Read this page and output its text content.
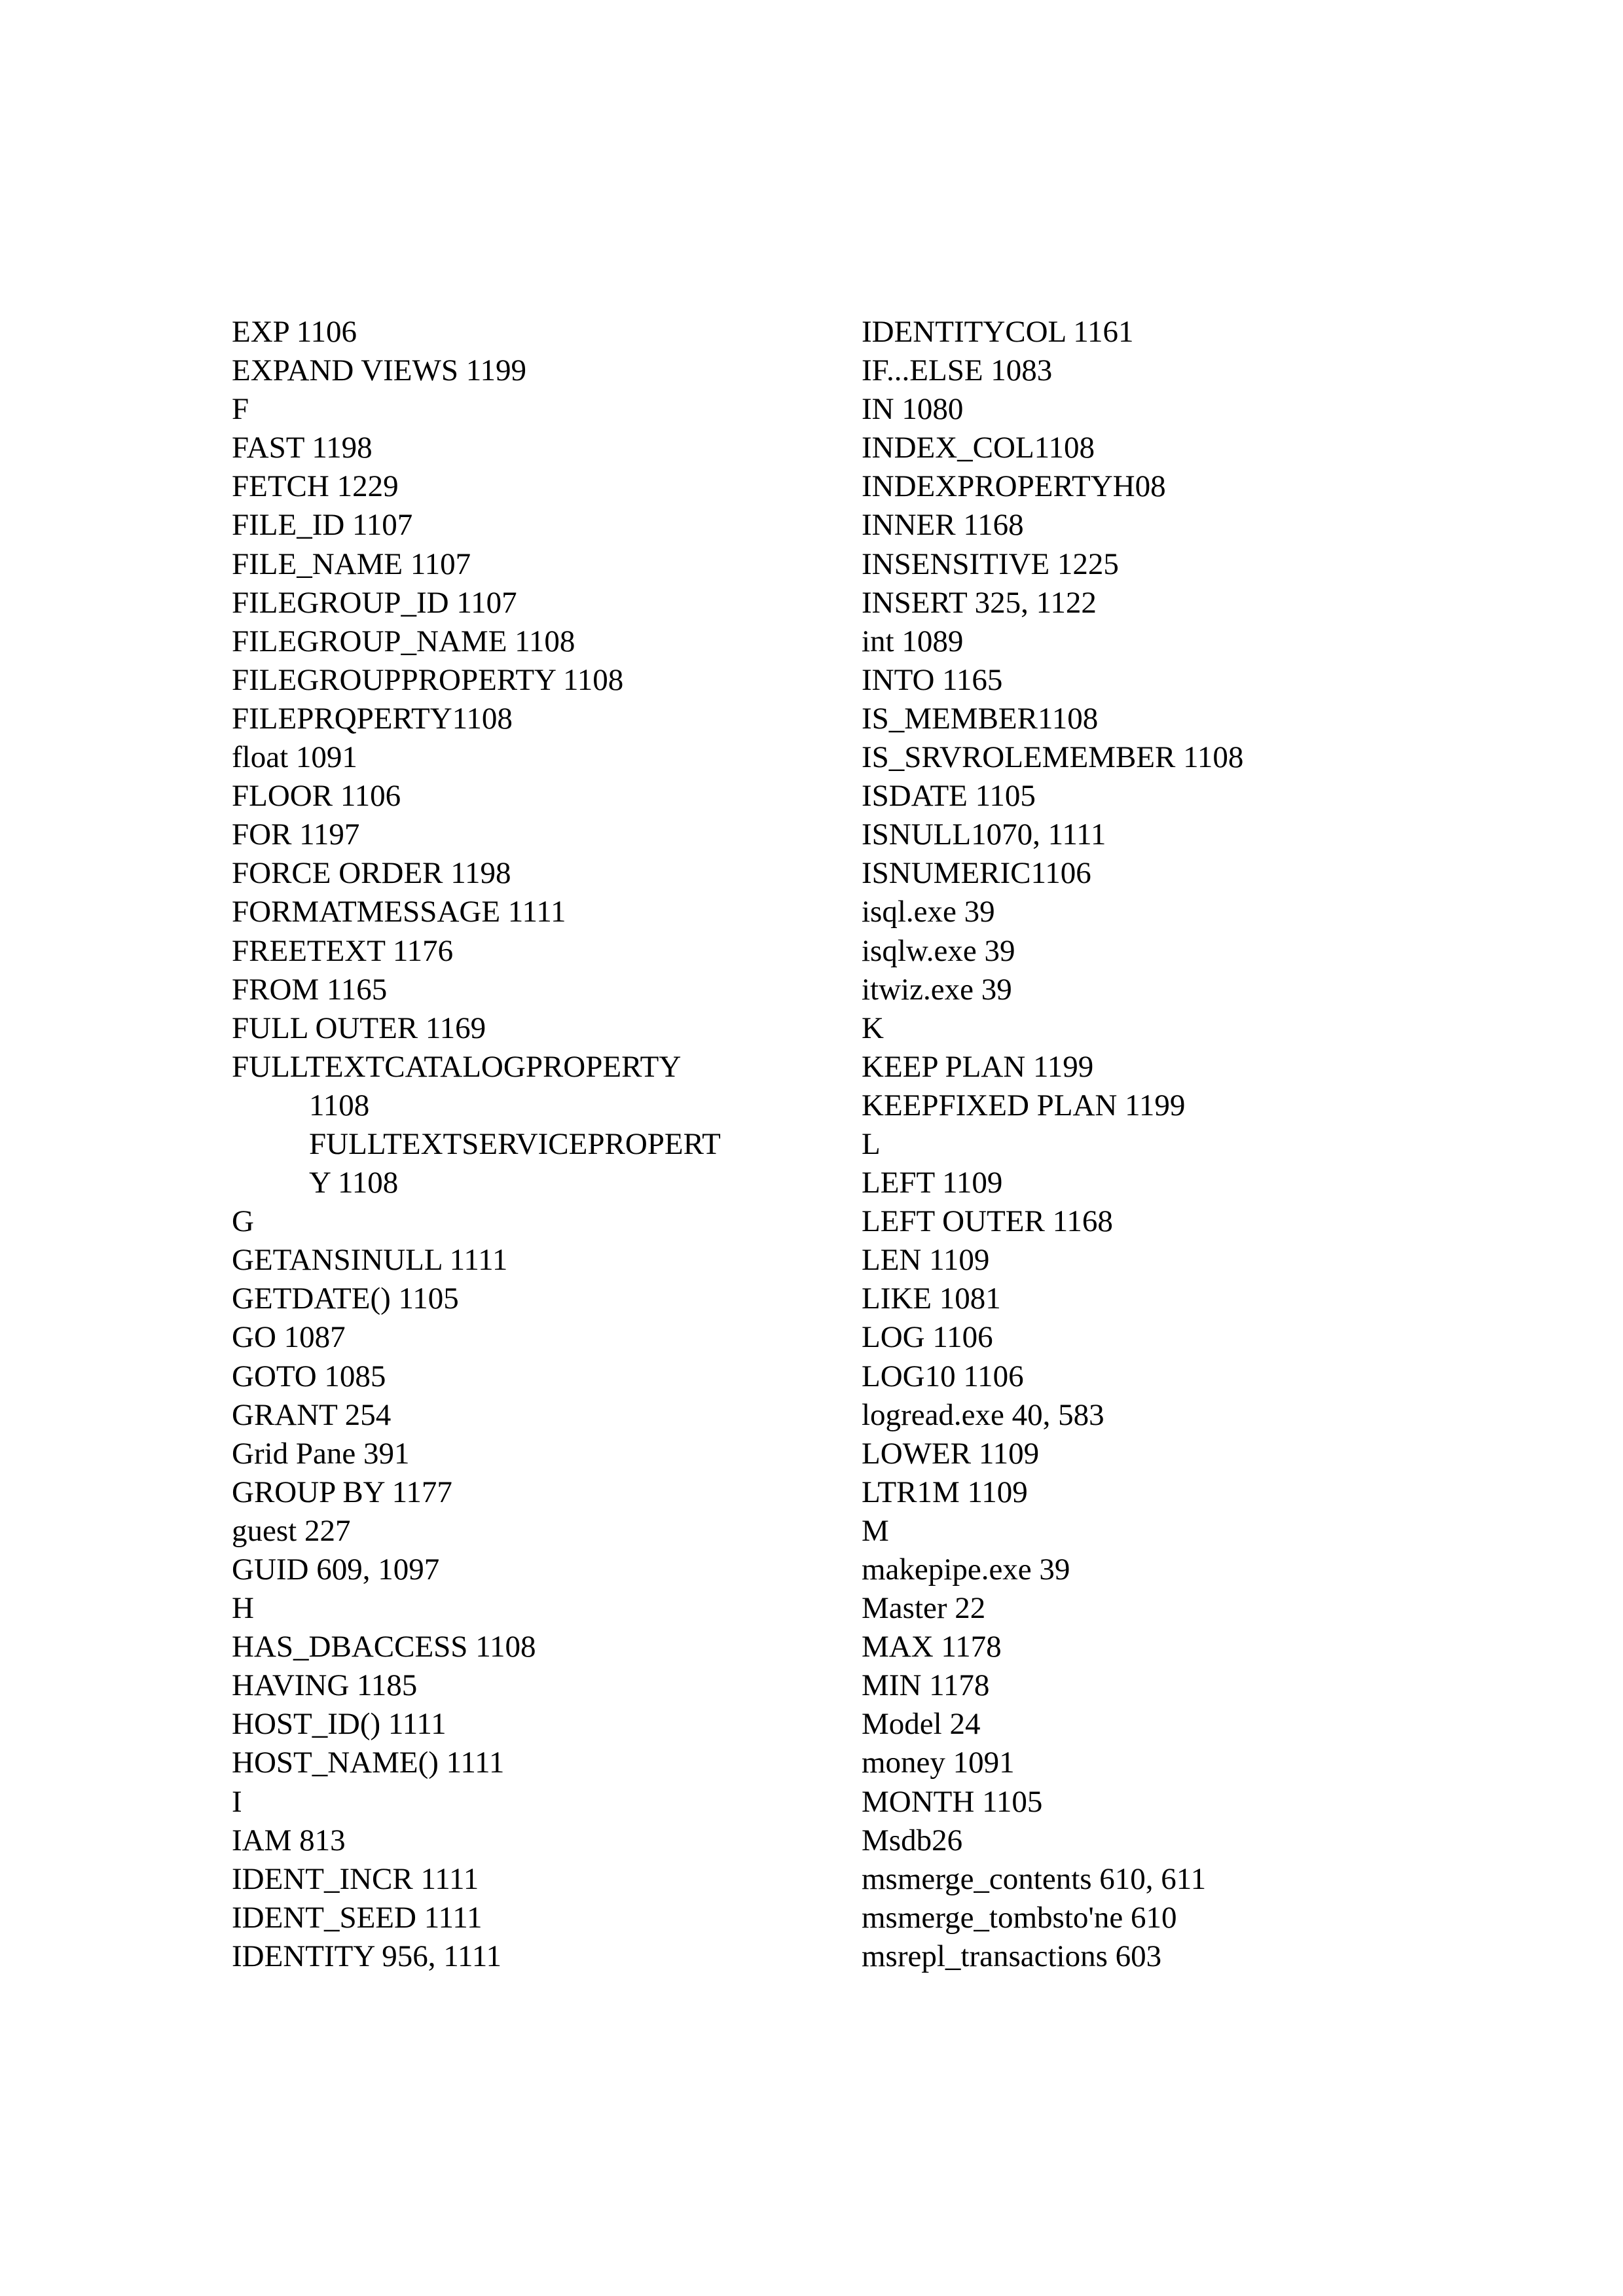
EXP 1106
EXPAND VIEWS 1199
F
FAST 1198
FETCH 1229
FILE_ID 1107
FILE_NAME 1107
FILEGROUP_ID 1107
FILEGROUP_NAME 1108
FILEGROUPPROPERTY 1108
FILEPRQPERTY1108
float 1091
FLOOR 1106
FOR 1197
FORCE ORDER 1198
FORMATMESSAGE 1111
FREETEXT 1176
FROM 1165
FULL OUTER 1169
FULLTEXTCATALOGPROPERTY
1108
FULLTEXTSERVICEPROPERT
Y 1108
G
GETANSINULL 1111
GETDATE() 1105
GO 1087
GOTO 1085
GRANT 254
Grid Pane 391
GROUP BY 1177
guest 227
GUID 609, 1097
H
HAS_DBACCESS 1108
HAVING 1185
HOST_ID() 1111
HOST_NAME() 1111
I
IAM 813
IDENT_INCR 1111
IDENT_SEED 1111
IDENTITY 956, 1111
IDENTITYCOL 1161
IF...ELSE 1083
IN 1080
INDEX_COL1108
INDEXPROPERTYH08
INNER 1168
INSENSITIVE 1225
INSERT 325, 1122
int 1089
INTO 1165
IS_MEMBER1108
IS_SRVROLEMEMBER 1108
ISDATE 1105
ISNULL1070, 1111
ISNUMERIC1106
isql.exe 39
isqlw.exe 39
itwiz.exe 39
K
KEEP PLAN 1199
KEEPFIXED PLAN 1199
L
LEFT 1109
LEFT OUTER 1168
LEN 1109
LIKE 1081
LOG 1106
LOG10 1106
logread.exe 40, 583
LOWER 1109
LTR1M 1109
M
makepipe.exe 39
Master 22
MAX 1178
MIN 1178
Model 24
money 1091
MONTH 1105
Msdb26
msmerge_contents 610, 611
msmerge_tombsto'ne 610
msrepl_transactions 603
